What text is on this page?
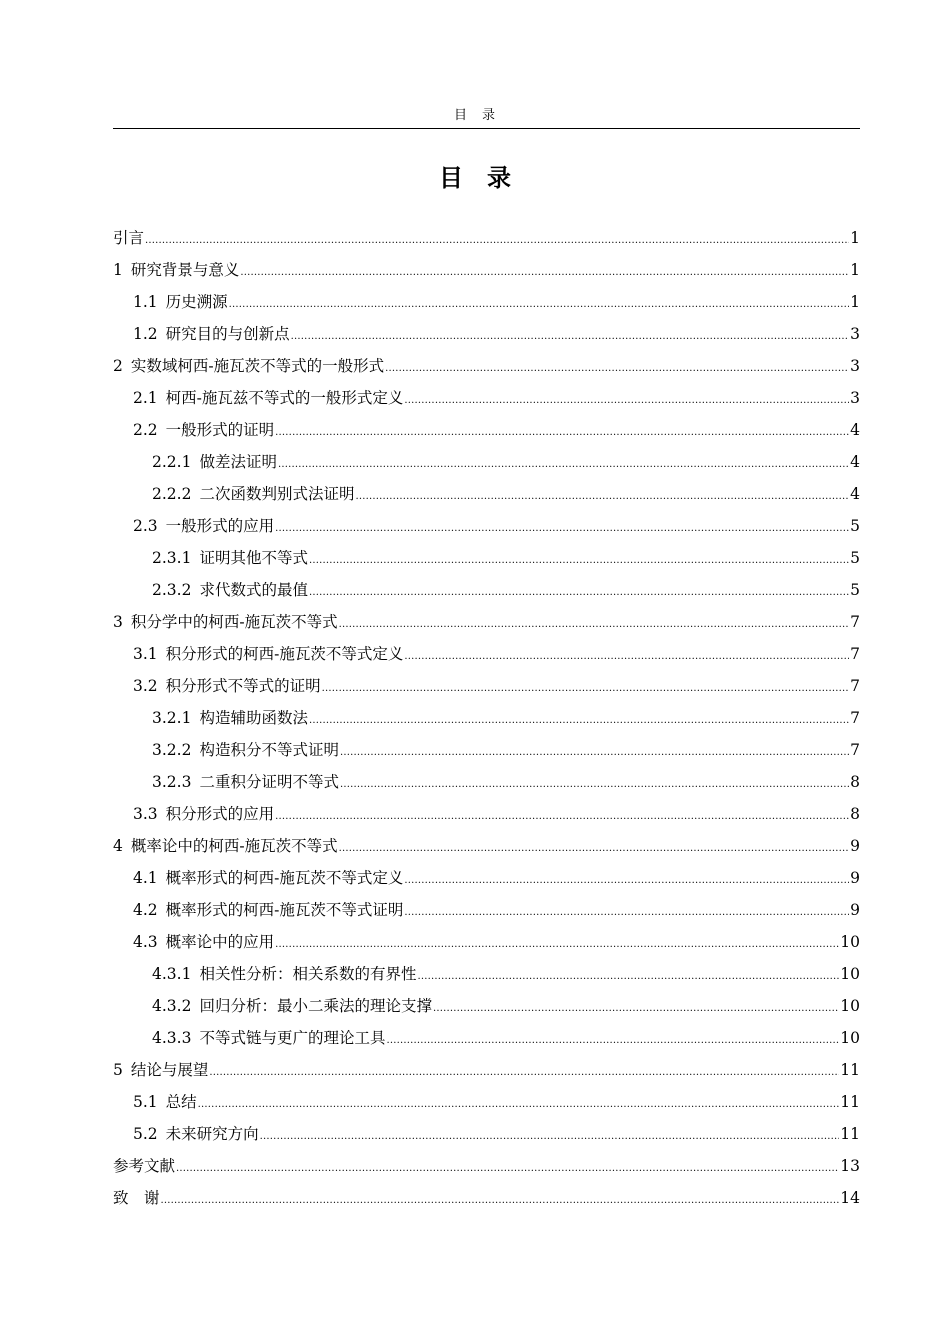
目　录
目　录
引言 .....	1
1 研究背景与意义 .....	1
1.1 历史溯源 .....	1
1.2 研究目的与创新点 .....	3
2 实数域柯西-施瓦茨不等式的一般形式 .....	3
2.1 柯西-施瓦兹不等式的一般形式定义 .....	3
2.2 一般形式的证明 .....	4
2.2.1 做差法证明 .....	4
2.2.2 二次函数判别式法证明 .....	4
2.3 一般形式的应用 .....	5
2.3.1 证明其他不等式 .....	5
2.3.2 求代数式的最值 .....	5
3 积分学中的柯西-施瓦茨不等式 .....	7
3.1 积分形式的柯西-施瓦茨不等式定义 .....	7
3.2 积分形式不等式的证明 .....	7
3.2.1 构造辅助函数法 .....	7
3.2.2 构造积分不等式证明 .....	7
3.2.3 二重积分证明不等式 .....	8
3.3 积分形式的应用 .....	8
4 概率论中的柯西-施瓦茨不等式 .....	9
4.1 概率形式的柯西-施瓦茨不等式定义 .....	9
4.2 概率形式的柯西-施瓦茨不等式证明 .....	9
4.3 概率论中的应用 .....	10
4.3.1 相关性分析：相关系数的有界性 .....	10
4.3.2 回归分析：最小二乘法的理论支撑 .....	10
4.3.3 不等式链与更广的理论工具 .....	10
5 结论与展望 .....	11
5.1 总结 .....	11
5.2 未来研究方向 .....	11
参考文献 .....	13
致　谢 .....	14
